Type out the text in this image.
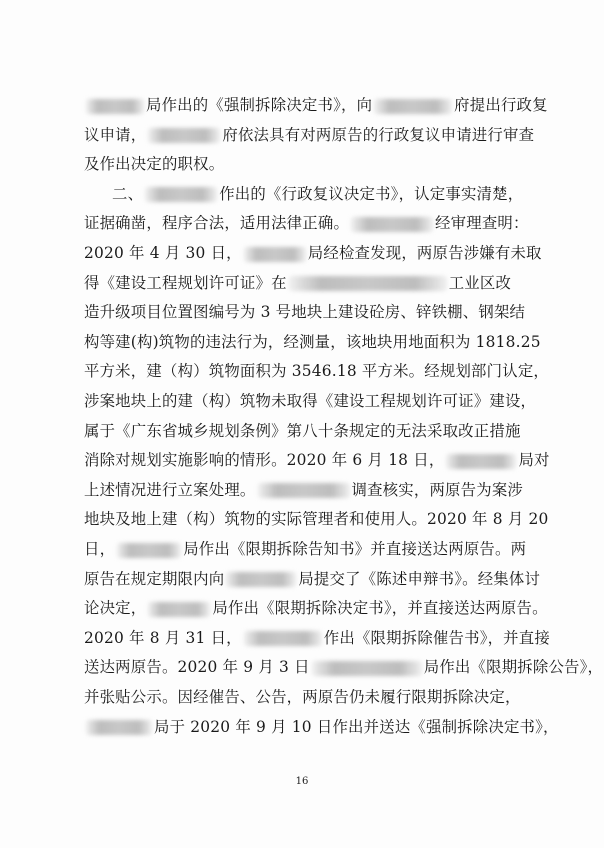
局作出的《强制拆除决定书》，向	府提出行政复
议申请，	府依法具有对两原告的行政复议申请进行审查
及作出决定的职权。
二、	作出的《行政复议决定书》，认定事实清楚，
证据确凿，程序合法，适用法律正确。	经审理查明：
2020 年 4 月 30 日，	局经检查发现，两原告涉嫌有未取
得《建设工程规划许可证》在	工业区改
造升级项目位置图编号为 3 号地块上建设砼房、锌铁棚、钢架结
构等建(构)筑物的违法行为，经测量，该地块用地面积为 1818.25
平方米，建（构）筑物面积为 3546.18 平方米。经规划部门认定，
涉案地块上的建（构）筑物未取得《建设工程规划许可证》建设，
属于《广东省城乡规划条例》第八十条规定的无法采取改正措施
消除对规划实施影响的情形。2020 年 6 月 18 日，	局对
上述情况进行立案处理。	调查核实，两原告为案涉
地块及地上建（构）筑物的实际管理者和使用人。2020 年 8 月 20
日，	局作出《限期拆除告知书》并直接送达两原告。两
原告在规定期限内向	局提交了《陈述申辩书》。经集体讨
论决定，	局作出《限期拆除决定书》，并直接送达两原告。
2020 年 8 月 31 日，	作出《限期拆除催告书》，并直接
送达两原告。2020 年 9 月 3 日	局作出《限期拆除公告》，
并张贴公示。因经催告、公告，两原告仍未履行限期拆除决定，
局于 2020 年 9 月 10 日作出并送达《强制拆除决定书》，
16
